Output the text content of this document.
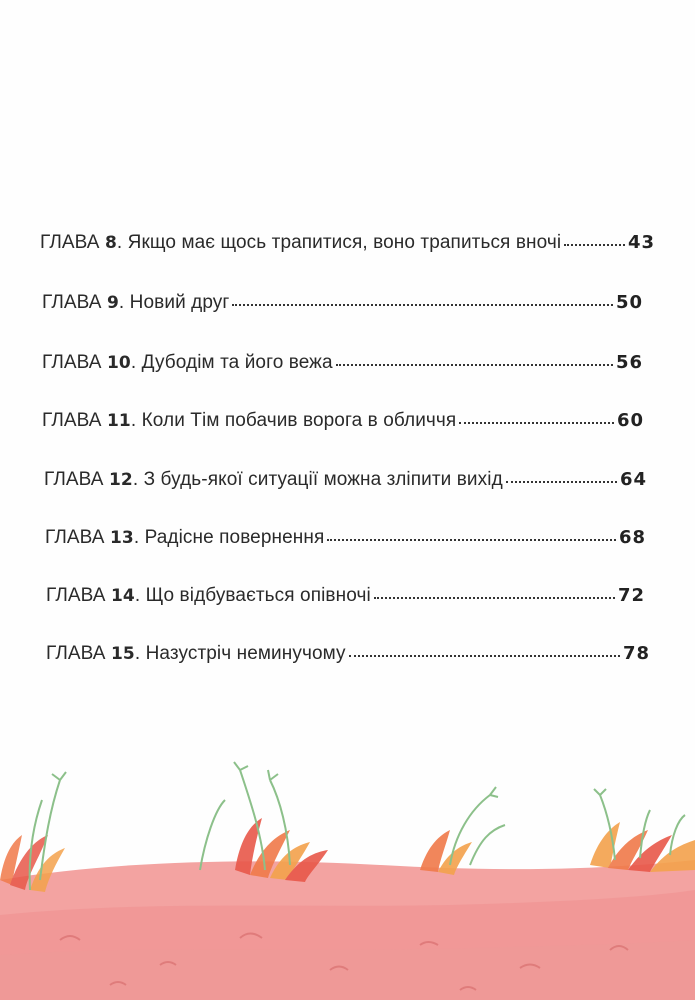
ГЛАВА 8. Якщо має щось трапитися, воно трапиться вночі	43
ГЛАВА 9. Новий друг	50
ГЛАВА 10. Дубодім та його вежа	56
ГЛАВА 11. Коли Тім побачив ворога в обличчя	60
ГЛАВА 12. З будь-якої ситуації можна зліпити вихід	64
ГЛАВА 13. Радісне повернення	68
ГЛАВА 14. Що відбувається опівночі	72
ГЛАВА 15. Назустріч неминучому	78
